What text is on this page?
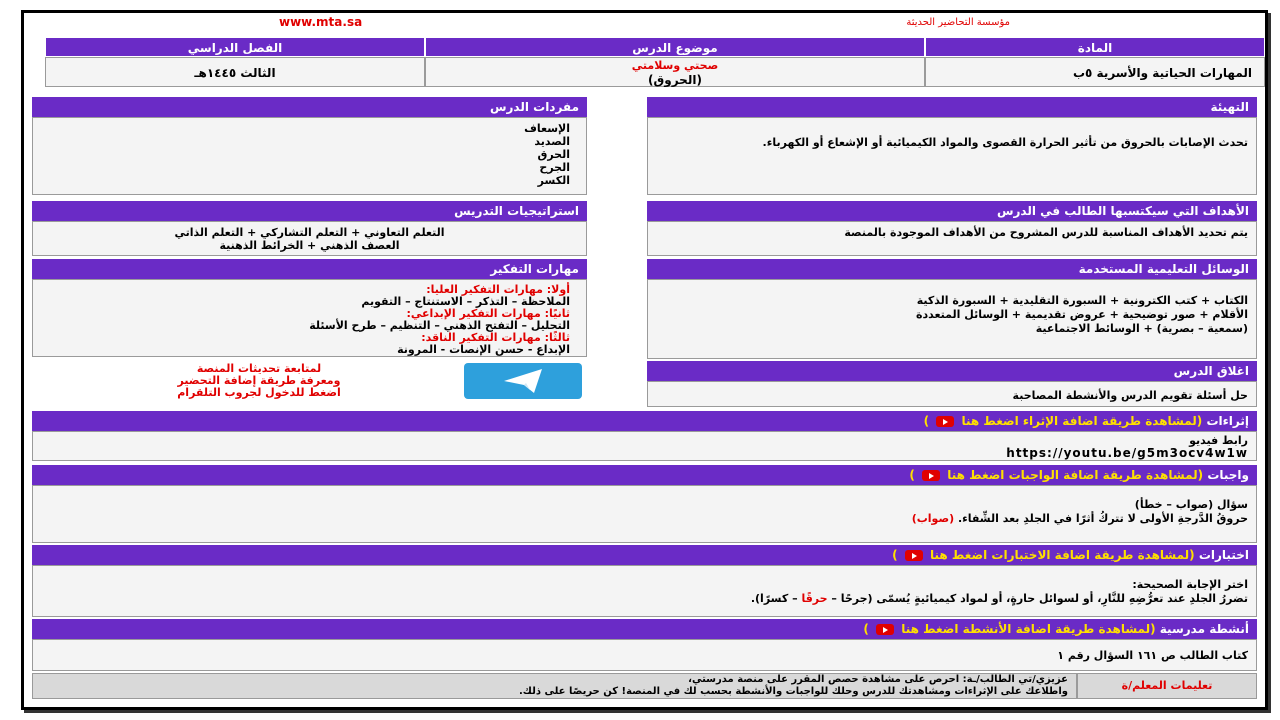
www.mta.sa	مؤسسة التحاضير الحديثة
المادة
موضوع الدرس
الفصل الدراسي
المهارات الحياتية والأسرية ٥ب
صحتي وسلامتي
(الحروق)
الثالث ١٤٤٥هـ
التهيئة
تحدث الإصابات بالحروق من تأثير الحرارة القصوى والمواد الكيميائية أو الإشعاع أو الكهرباء.
الأهداف التي سيكتسبها الطالب في الدرس
يتم تحديد الأهداف المناسبة للدرس المشروح من الأهداف الموجودة بالمنصة
الوسائل التعليمية المستخدمة
الكتاب + كتب الكترونية + السبورة التقليدية + السبورة الذكية
الأقلام + صور توضيحية + عروض تقديمية + الوسائل المتعددة
(سمعية – بصرية) + الوسائط الاجتماعية
اغلاق الدرس
حل أسئلة تقويم الدرس والأنشطة المصاحبة
مفردات الدرس
الإسعاف
الصديد
الحرق
الجرح
الكسر
استراتيجيات التدريس
التعلم التعاوني + التعلم التشاركي + التعلم الذاتي
العصف الذهني + الخرائط الذهنية
مهارات التفكير
أولا: مهارات التفكير العليا:
الملاحظة – التذكر – الاستنتاج – التقويم
ثانيًا: مهارات التفكير الإبداعي:
التحليل – التفتح الذهني – التنظيم – طرح الأسئلة
ثالثًا: مهارات التفكير الناقد:
الإبداع - حسن الإنصات - المرونة
لمتابعة تحديثات المنصة
ومعرفة طريقة إضافة التحضير
اضغط للدخول لجروب التلقرام
إثراءات (لمشاهدة طريقة اضافة الإثراء اضغط هنا  )
رابط فيديو
https://youtu.be/g5m3ocv4w1w
واجبات (لمشاهدة طريقة اضافة الواجبات اضغط هنا  )
سؤال (صواب – خطأ)
حروقُ الدَّرجةِ الأولى لا تتركُ أثرًا في الجلدِ بعد الشِّفاء. (صواب)
اختبارات (لمشاهدة طريقة اضافة الاختبارات اضغط هنا  )
اختر الإجابة الصحيحة:
تضررُ الجلدِ عند تعرُّضِهِ للنَّارِ، أو لسوائل حارةٍ، أو لمواد كيميائيةٍ يُسمّى (جرحًا – حرقًا – كسرًا).
أنشطة مدرسية (لمشاهدة طريقة اضافة الأنشطة اضغط هنا  )
كتاب الطالب ص ١٦١ السؤال رقم ١
تعليمات المعلم/ة
عزيزي/تي الطالب/ـة: احرص على مشاهدة حصص المقرر على منصة مدرستي،
واطلاعك على الإثراءات ومشاهدتك للدرس وحلك للواجبات والأنشطة بحسب لك في المنصة! كن حريصًا على ذلك.
